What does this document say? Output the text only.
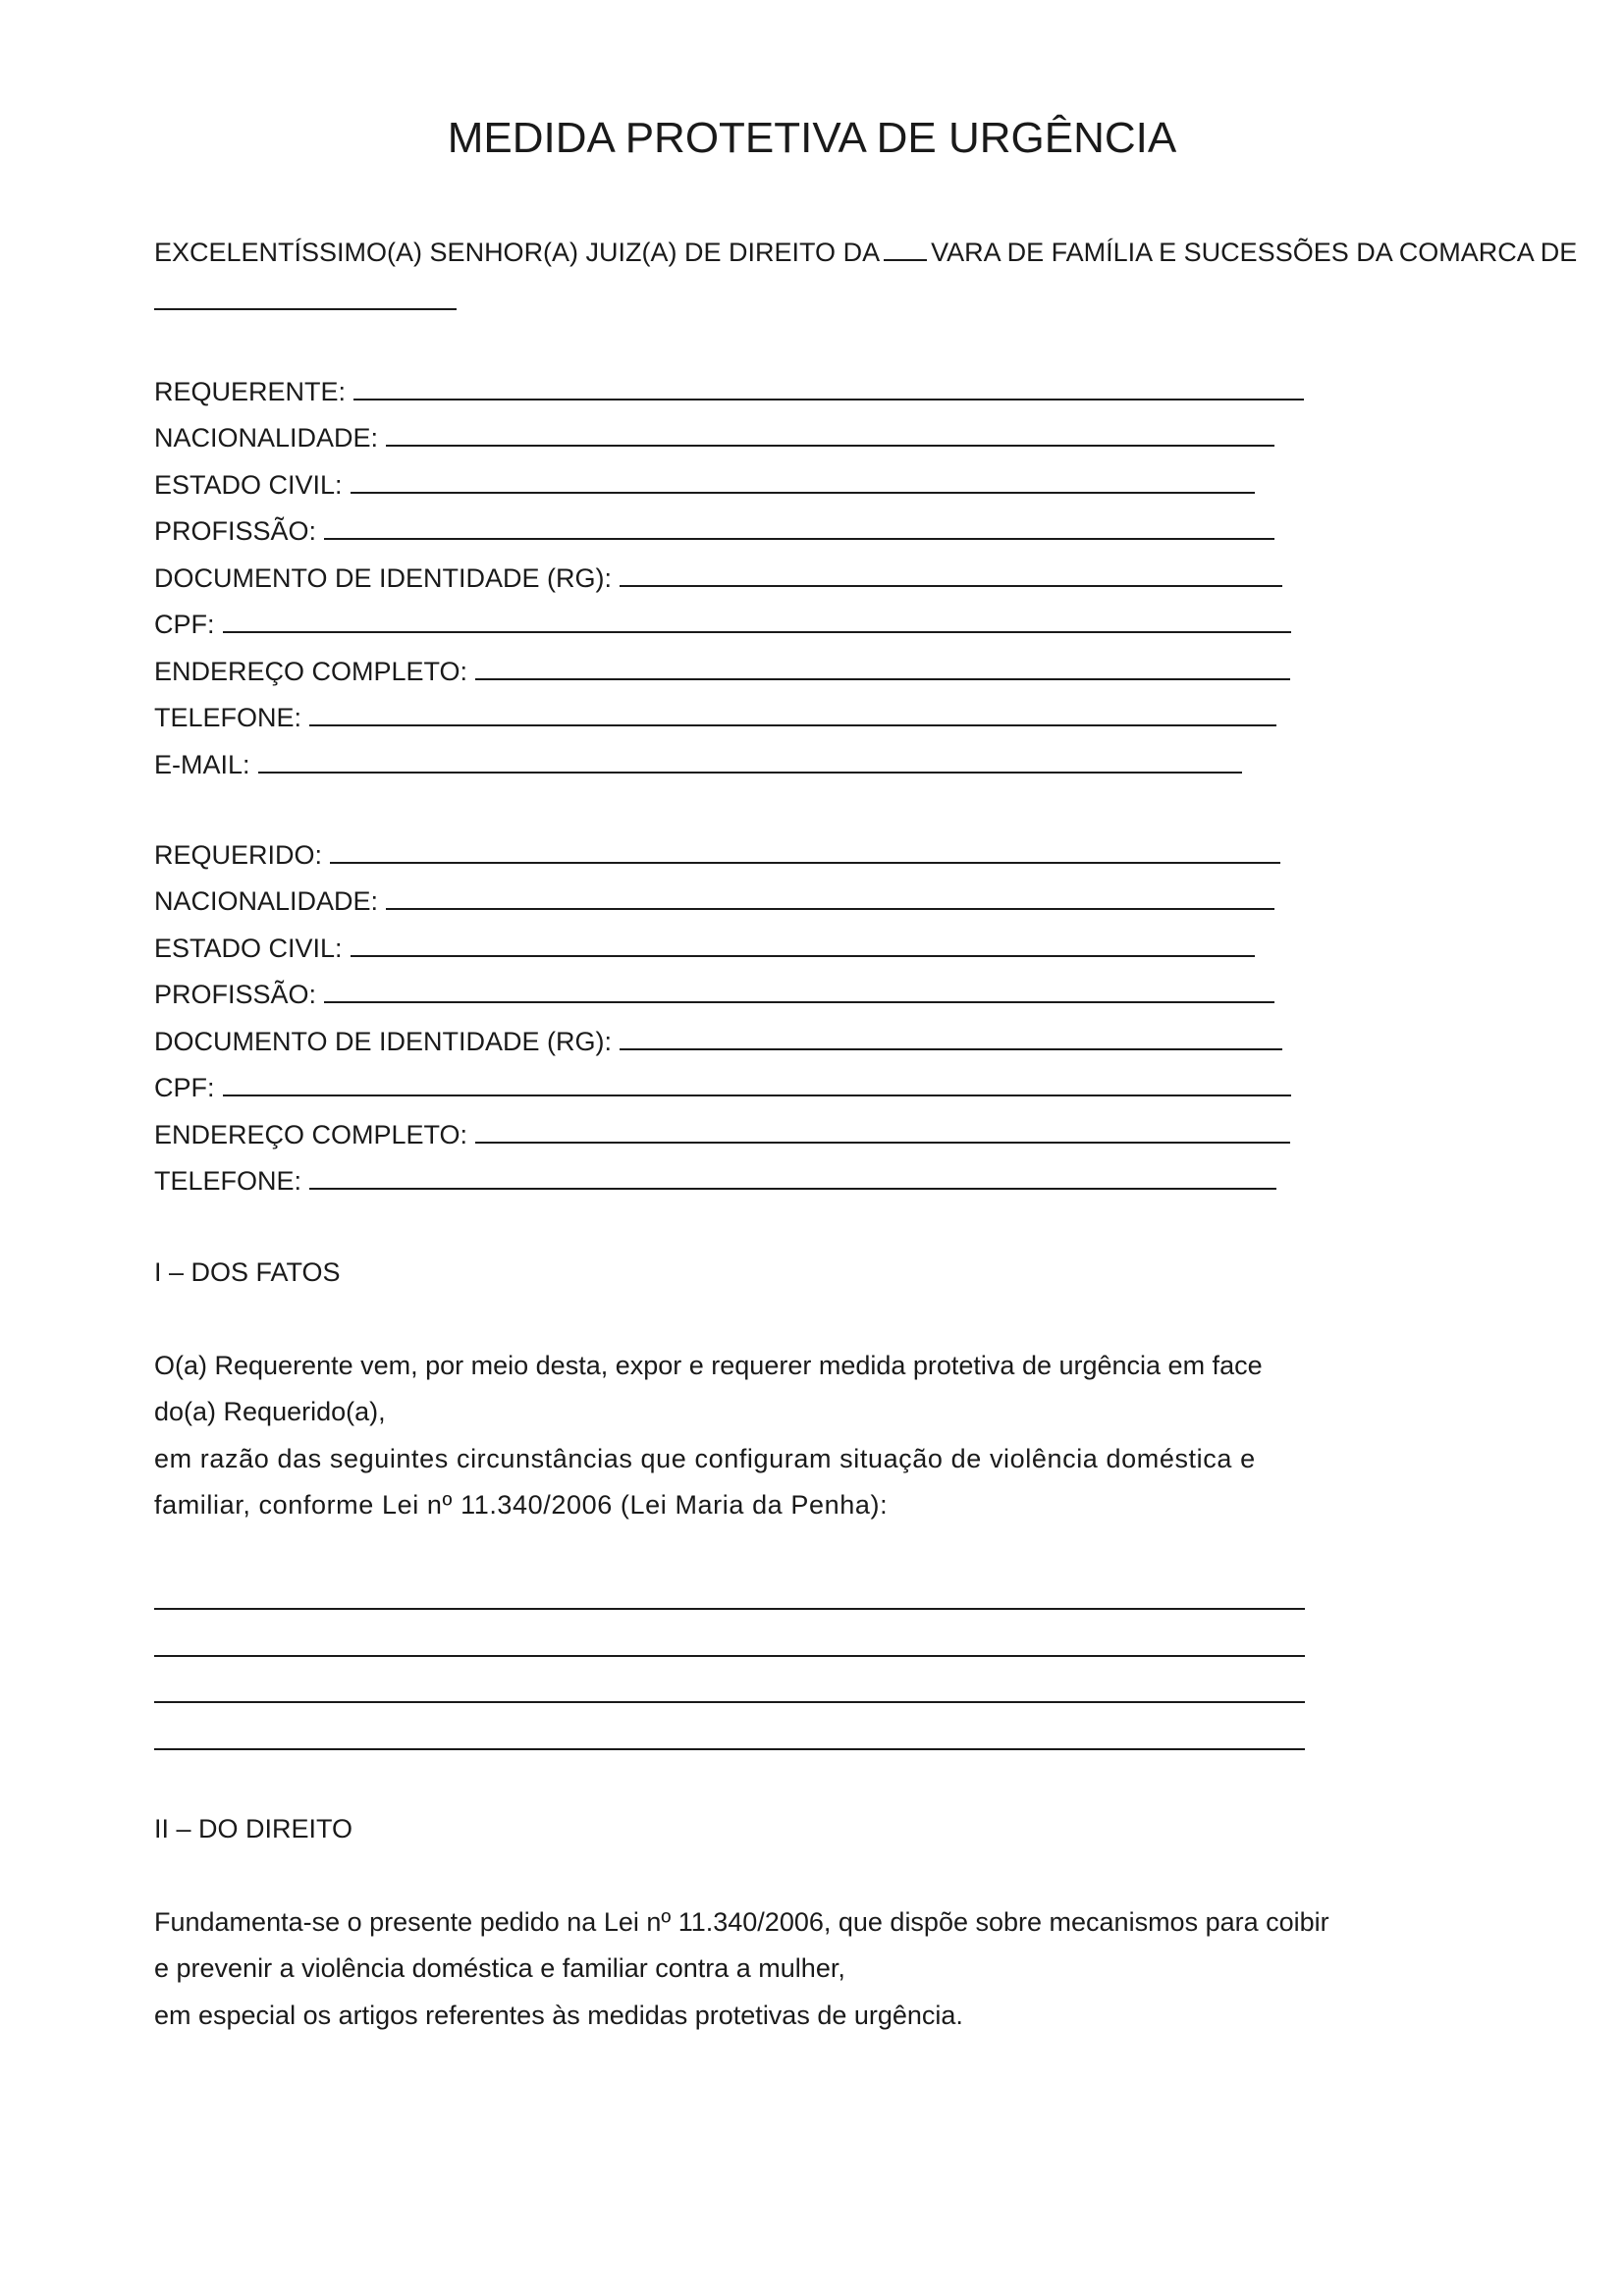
MEDIDA PROTETIVA DE URGÊNCIA

EXCELENTÍSSIMO(A) SENHOR(A) JUIZ(A) DE DIREITO DA VARA DE FAMÍLIA E SUCESSÕES DA COMARCA DE

REQUERENTE:

NACIONALIDADE:

ESTADO CIVIL:

PROFISSÃO:

DOCUMENTO DE IDENTIDADE (RG):

CPF:

ENDEREÇO COMPLETO:

TELEFONE:

E-MAIL:

REQUERIDO:

NACIONALIDADE:

ESTADO CIVIL:

PROFISSÃO:

DOCUMENTO DE IDENTIDADE (RG):

CPF:

ENDEREÇO COMPLETO:

TELEFONE:

I – DOS FATOS

O(a) Requerente vem, por meio desta, expor e requerer medida protetiva de urgência em face

do(a) Requerido(a),

em razão das seguintes circunstâncias que configuram situação de violência doméstica e

familiar, conforme Lei nº 11.340/2006 (Lei Maria da Penha):

II – DO DIREITO

Fundamenta-se o presente pedido na Lei nº 11.340/2006, que dispõe sobre mecanismos para coibir

e prevenir a violência doméstica e familiar contra a mulher,

em especial os artigos referentes às medidas protetivas de urgência.
